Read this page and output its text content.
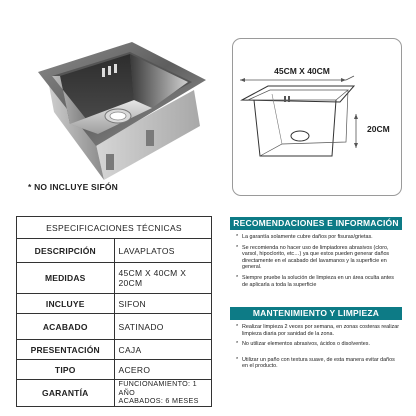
* NO INCLUYE SIFÓN
45CM X 40CM
20CM
ESPECIFICACIONES TÉCNICAS	
DESCRIPCIÓN	LAVAPLATOS
MEDIDAS	45CM X 40CM X 20CM
INCLUYE	SIFON
ACABADO	SATINADO
PRESENTACIÓN	CAJA
TIPO	ACERO
GARANTÍA	FUNCIONAMIENTO: 1 AÑO
ACABADOS: 6 MESES
RECOMENDACIONES E INFORMACIÓN
* La garantía solamente cubre daños por fisuras/grietas.
* Se recomienda no hacer uso de limpiadores abrasivos (cloro, varsol, hipoclorito, etc…) ya que estos pueden generar daños directamente en el acabado del lavamanos y la superficie en general.
* Siempre pruebe la solución de limpieza en un área oculta antes de aplicarla a toda la superficie
MANTENIMIENTO Y LIMPIEZA
* Realizar limpieza 2 veces por semana, en zonas costeras realizar limpieza diaria por sanidad de la zona.
* No utilizar elementos abrasivos, ácidos o disolventes.
* Utilizar un paño con textura suave, de esta manera evitar daños en el producto.
